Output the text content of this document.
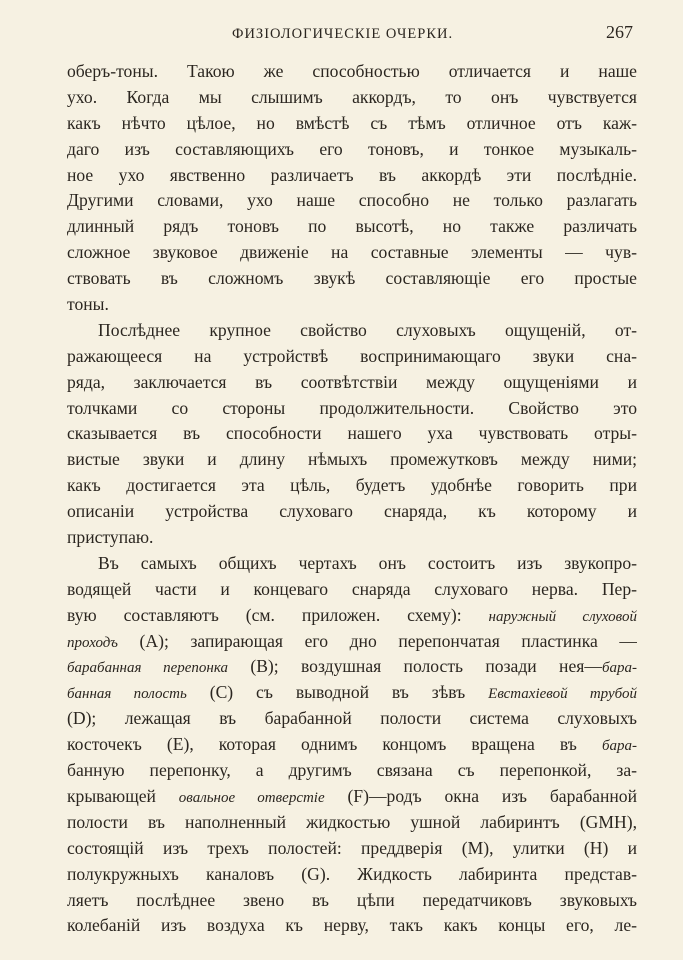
ФИЗІОЛОГИЧЕСКІЕ ОЧЕРКИ.	267
оберъ-тоны. Такою же способностью отличается и наше
ухо. Когда мы слышимъ аккордъ, то онъ чувствуется
какъ нѣчто цѣлое, но вмѣстѣ съ тѣмъ отличное отъ каж-
даго изъ составляющихъ его тоновъ, и тонкое музыкаль-
ное ухо явственно различаетъ въ аккордѣ эти послѣдніе.
Другими словами, ухо наше способно не только разлагать
длинный рядъ тоновъ по высотѣ, но также различать
сложное звуковое движеніе на составные элементы — чув-
ствовать въ сложномъ звукѣ составляющіе его простые
тоны.
Послѣднее крупное свойство слуховыхъ ощущеній, от-
ражающееся на устройствѣ воспринимающаго звуки сна-
ряда, заключается въ соотвѣтствіи между ощущеніями и
толчками со стороны продолжительности. Свойство это
сказывается въ способности нашего уха чувствовать отры-
вистые звуки и длину нѣмыхъ промежутковъ между ними;
какъ достигается эта цѣль, будетъ удобнѣе говорить при
описаніи устройства слуховаго снаряда, къ которому и
приступаю.
Въ самыхъ общихъ чертахъ онъ состоитъ изъ звукопро-
водящей части и концеваго снаряда слуховаго нерва. Пер-
вую составляютъ (см. приложен. схему): наружный слуховой
проходъ (А); запирающая его дно перепончатая пластинка —
барабанная перепонка (В); воздушная полость позади нея—бара-
банная полость (С) съ выводной въ зѣвъ Евстахіевой трубой
(D); лежащая въ барабанной полости система слуховыхъ
косточекъ (Е), которая однимъ концомъ вращена въ бара-
банную перепонку, а другимъ связана съ перепонкой, за-
крывающей овальное отверстіе (F)—родъ окна изъ барабанной
полости въ наполненный жидкостью ушной лабиринтъ (GMH),
состоящій изъ трехъ полостей: преддверія (M), улитки (H) и
полукружныхъ каналовъ (G). Жидкость лабиринта представ-
ляетъ послѣднее звено въ цѣпи передатчиковъ звуковыхъ
колебаній изъ воздуха къ нерву, такъ какъ концы его, ле-
